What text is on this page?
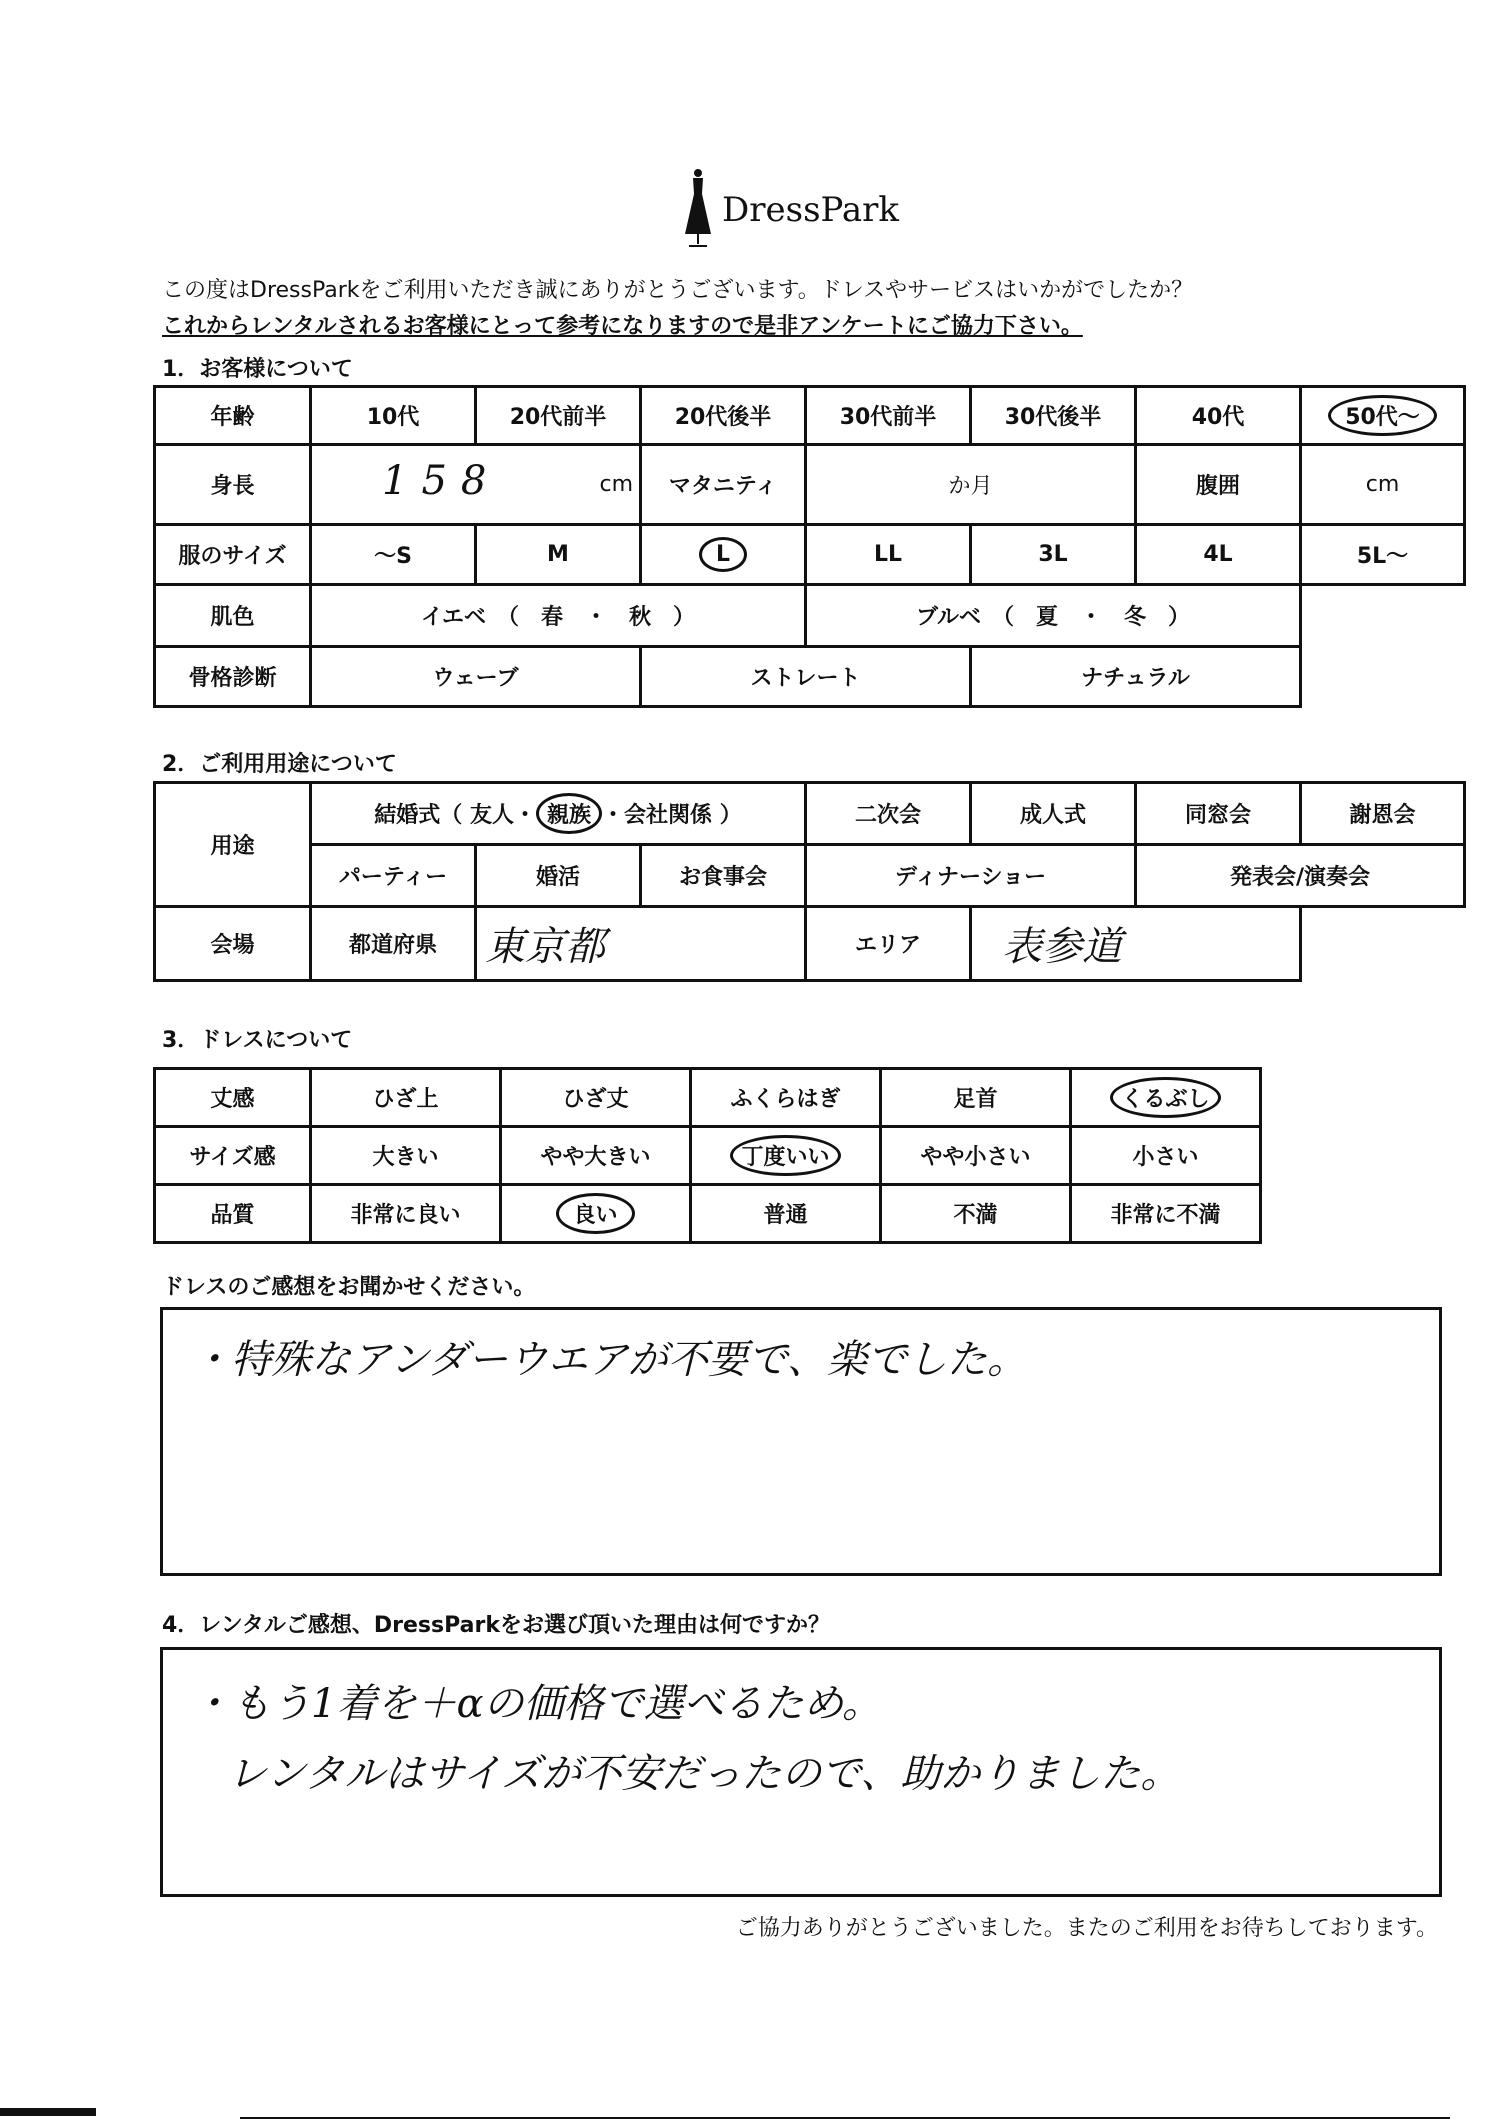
DressPark
この度はDressParkをご利用いただき誠にありがとうございます。ドレスやサービスはいかがでしたか？
これからレンタルされるお客様にとって参考になりますので是非アンケートにご協力下さい。
1．お客様について
年齢	10代	20代前半	20代後半	30代前半	30代後半	40代	50代～
身長	158 cm		マタニティ	か月		腹囲	cm
服のサイズ	～S	M	L	LL	3L	4L	5L～
肌色	イエベ　（　春　・　秋　）			ブルベ　（　夏　・　冬　）			
骨格診断	ウェーブ		ストレート		ナチュラル		
2．ご利用用途について
用途	結婚式（ 友人・ 親族 ・会社関係 ）			二次会	成人式	同窓会	謝恩会
	パーティー	婚活	お食事会	ディナーショー		発表会/演奏会	
会場	都道府県	東京都		エリア	表参道		
3．ドレスについて
丈感	ひざ上	ひざ丈	ふくらはぎ	足首	くるぶし
サイズ感	大きい	やや大きい	丁度いい	やや小さい	小さい
品質	非常に良い	良い	普通	不満	非常に不満
ドレスのご感想をお聞かせください。
・特殊なアンダーウエアが不要で、楽でした。
4．レンタルご感想、DressParkをお選び頂いた理由は何ですか？
・もう1着を＋αの価格で選べるため。
レンタルはサイズが不安だったので、助かりました。
ご協力ありがとうございました。またのご利用をお待ちしております。
